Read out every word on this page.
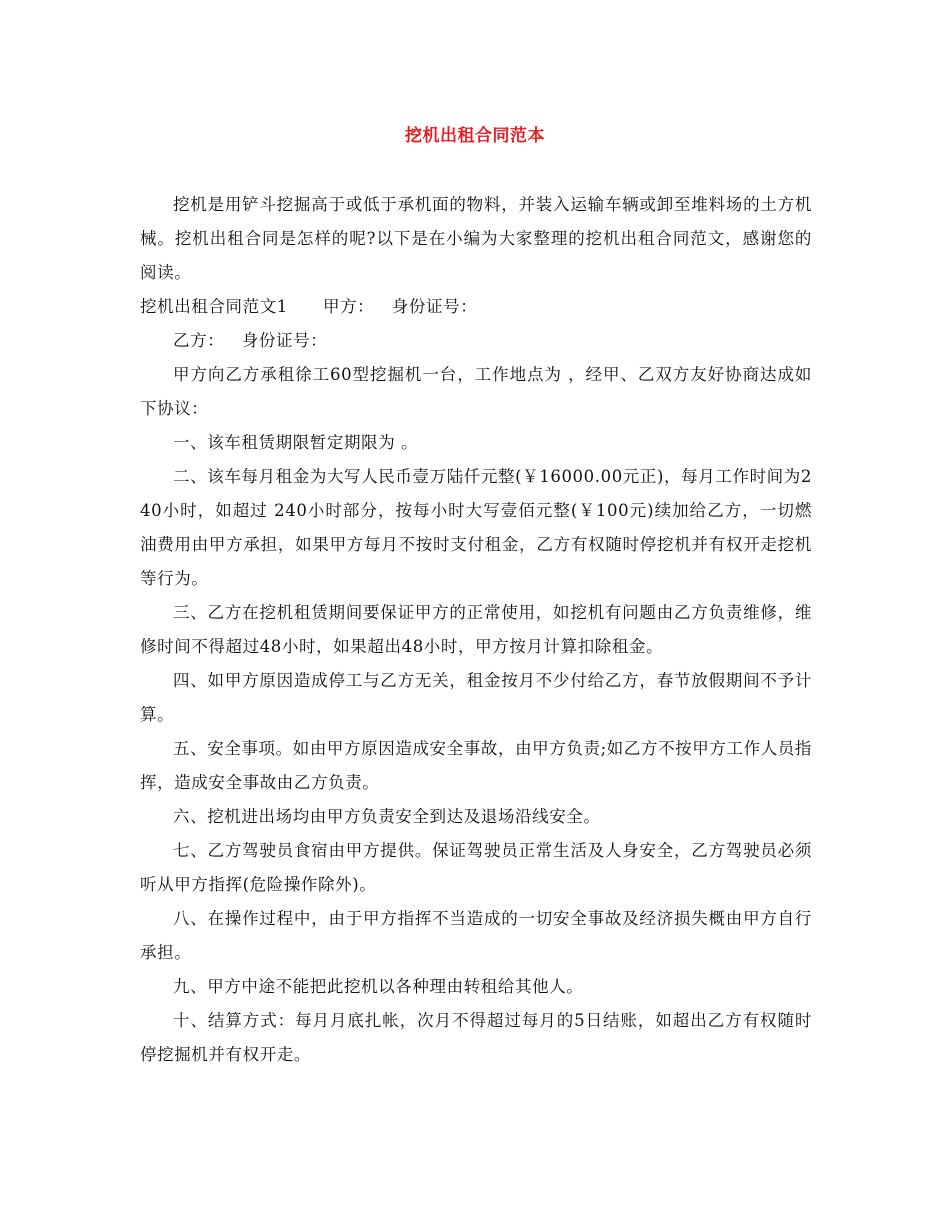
挖机出租合同范本

挖机是用铲斗挖掘高于或低于承机面的物料，并装入运输车辆或卸至堆料场的土方机械。挖机出租合同是怎样的呢?以下是在小编为大家整理的挖机出租合同范文，感谢您的阅读。

挖机出租合同范文1      甲方：   身份证号：

乙方：   身份证号：

甲方向乙方承租徐工60型挖掘机一台，工作地点为 ，经甲、乙双方友好协商达成如下协议：

一、该车租赁期限暂定期限为 。

二、该车每月租金为大写人民币壹万陆仟元整(￥16000.00元正)，每月工作时间为240小时，如超过 240小时部分，按每小时大写壹佰元整(￥100元)续加给乙方，一切燃油费用由甲方承担，如果甲方每月不按时支付租金，乙方有权随时停挖机并有权开走挖机等行为。

三、乙方在挖机租赁期间要保证甲方的正常使用，如挖机有问题由乙方负责维修，维修时间不得超过48小时，如果超出48小时，甲方按月计算扣除租金。

四、如甲方原因造成停工与乙方无关，租金按月不少付给乙方，春节放假期间不予计算。

五、安全事项。如由甲方原因造成安全事故，由甲方负责;如乙方不按甲方工作人员指挥，造成安全事故由乙方负责。

六、挖机进出场均由甲方负责安全到达及退场沿线安全。

七、乙方驾驶员食宿由甲方提供。保证驾驶员正常生活及人身安全，乙方驾驶员必须听从甲方指挥(危险操作除外)。

八、在操作过程中，由于甲方指挥不当造成的一切安全事故及经济损失概由甲方自行承担。

九、甲方中途不能把此挖机以各种理由转租给其他人。

十、结算方式：每月月底扎帐，次月不得超过每月的5日结账，如超出乙方有权随时停挖掘机并有权开走。
